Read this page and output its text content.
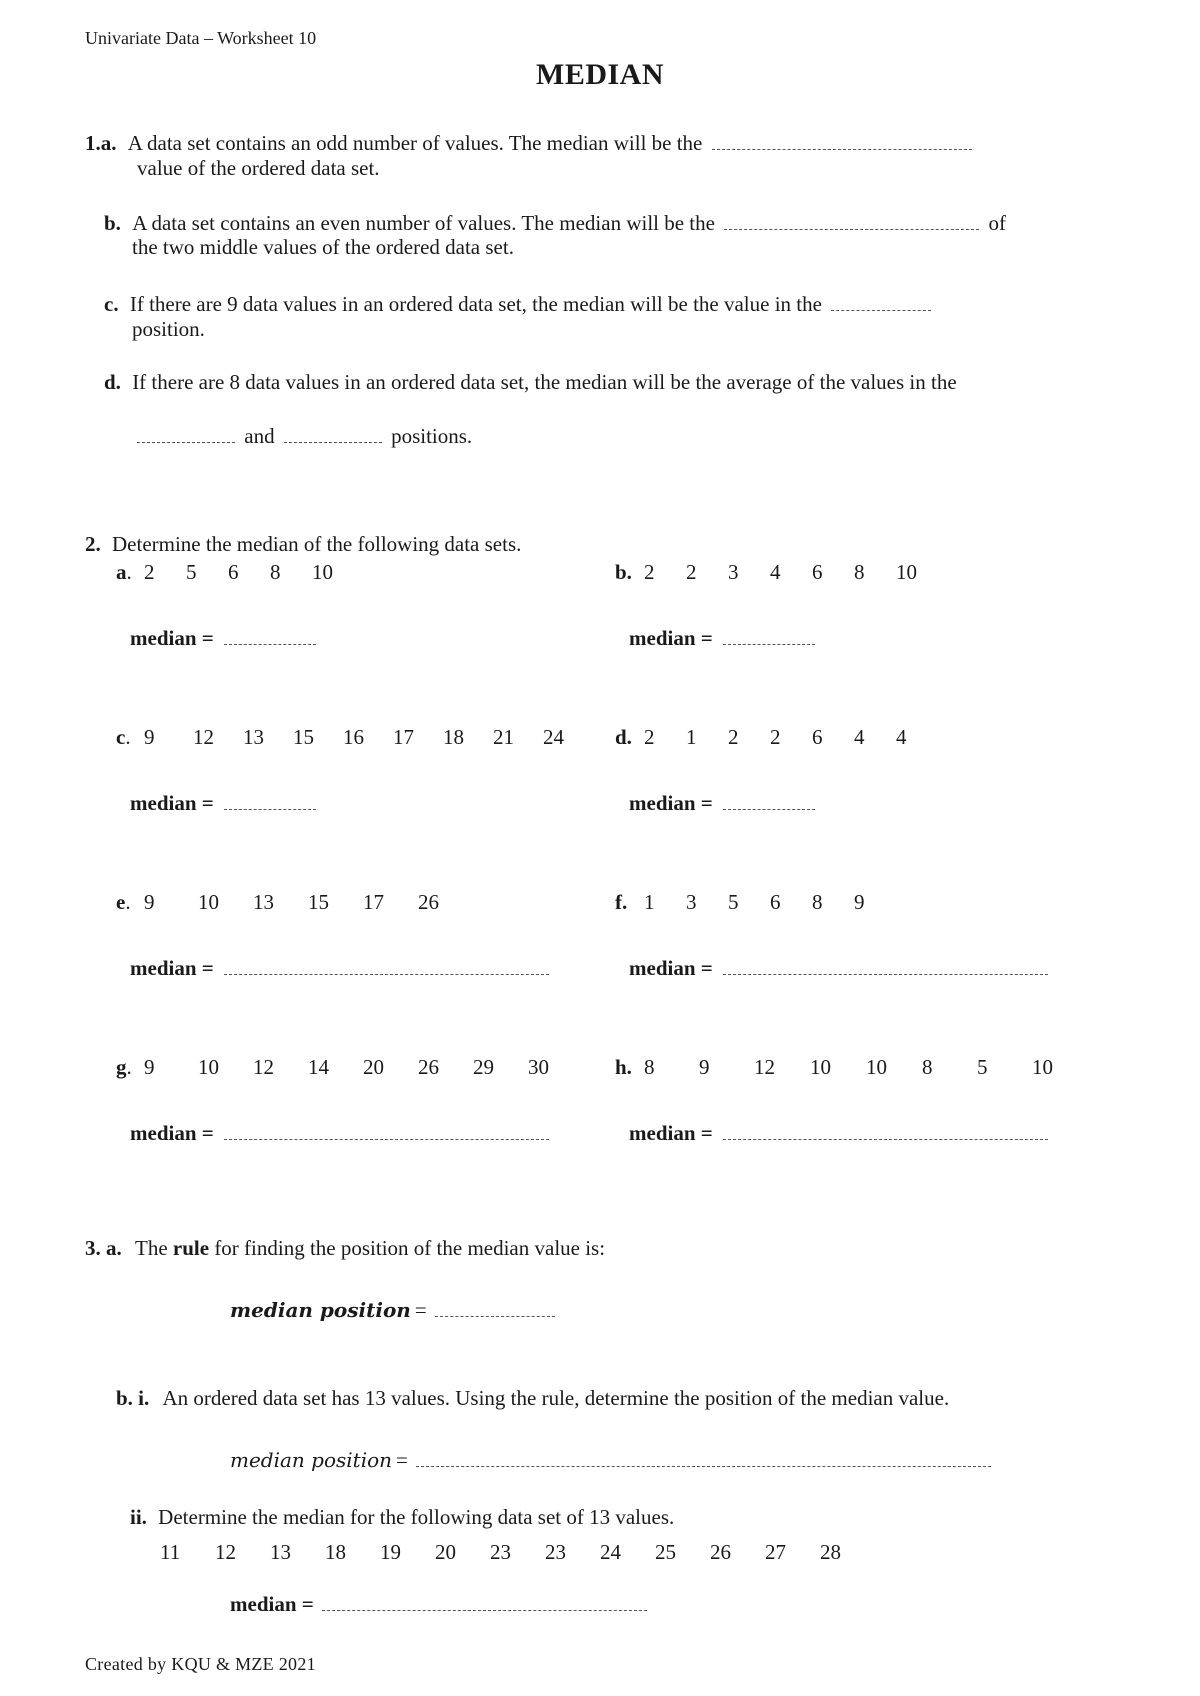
Univariate Data – Worksheet 10
MEDIAN
1.a. A data set contains an odd number of values. The median will be the
value of the ordered data set.
b. A data set contains an even number of values. The median will be the	of
the two middle values of the ordered data set.
c. If there are 9 data values in an ordered data set, the median will be the value in the
position.
d. If there are 8 data values in an ordered data set, the median will be the average of the values in the
and	positions.
2. Determine the median of the following data sets.
a. 2 5 6 8 10
median =
b. 2 2 3 4 6 8 10
median =
c. 9 12 13 15 16 17 18 21 24
median =
d. 2 1 2 2 6 4 4
median =
e. 9 10 13 15 17 26
median =
f. 1 3 5 6 8 9
median =
g. 9 10 12 14 20 26 29 30
median =
h. 8 9 12 10 10 8 5 10
median =
3. a. The rule for finding the position of the median value is:
median position =
b. i. An ordered data set has 13 values. Using the rule, determine the position of the median value.
median position =
ii. Determine the median for the following data set of 13 values.
11 12 13 18 19 20 23 23 24 25 26 27 28
median =
Created by KQU & MZE 2021
